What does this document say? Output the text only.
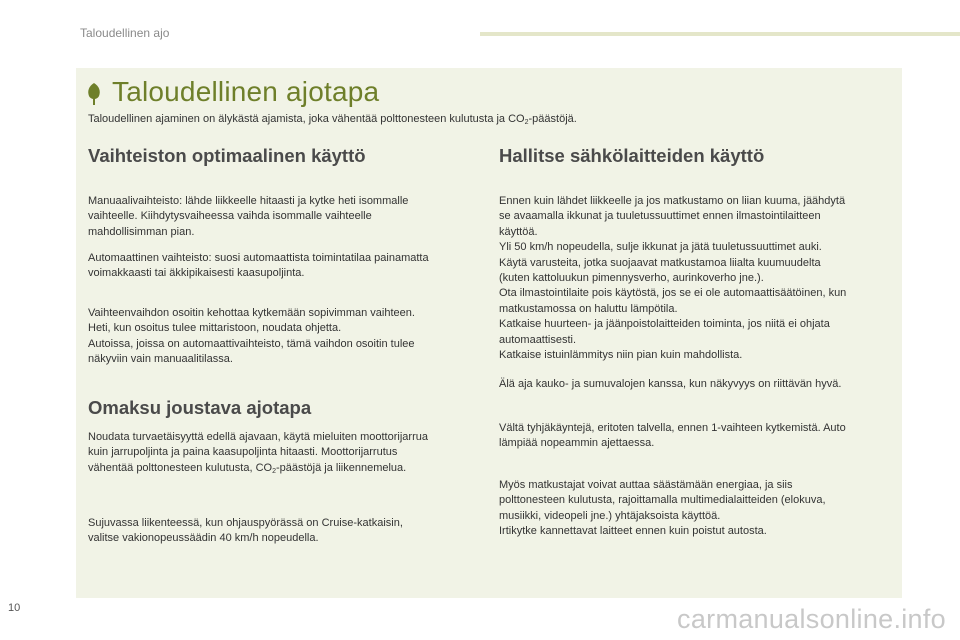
Taloudellinen ajo
Taloudellinen ajotapa
Taloudellinen ajaminen on älykästä ajamista, joka vähentää polttonesteen kulutusta ja $CO_2$-päästöjä.
Vaihteiston optimaalinen käyttö

Manuaalivaihteisto: lähde liikkeelle hitaasti ja kytke heti isommalle
vaihteelle. Kiihdytysvaiheessa vaihda isommalle vaihteelle
mahdollisimman pian.

Automaattinen vaihteisto: suosi automaattista toimintatilaa painamatta
voimakkaasti tai äkkipikaisesti kaasupoljinta.

Vaihteenvaihdon osoitin kehottaa kytkemään sopivimman vaihteen.
Heti, kun osoitus tulee mittaristoon, noudata ohjetta.
Autoissa, joissa on automaattivaihteisto, tämä vaihdon osoitin tulee
näkyviin vain manuaalitilassa.

Omaksu joustava ajotapa

Noudata turvaetäisyyttä edellä ajavaan, käytä mieluiten moottorijarrua
kuin jarrupoljinta ja paina kaasupoljinta hitaasti. Moottorijarrutus
vähentää polttonesteen kulutusta, $CO_2$-päästöjä ja liikennemelua.

Sujuvassa liikenteessä, kun ohjauspyörässä on Cruise-katkaisin,
valitse vakionopeussäädin 40 km/h nopeudella.

Hallitse sähkölaitteiden käyttö

Ennen kuin lähdet liikkeelle ja jos matkustamo on liian kuuma, jäähdytä
se avaamalla ikkunat ja tuuletussuuttimet ennen ilmastointilaitteen
käyttöä.
Yli 50 km/h nopeudella, sulje ikkunat ja jätä tuuletussuuttimet auki.
Käytä varusteita, jotka suojaavat matkustamoa liialta kuumuudelta
(kuten kattoluukun pimennysverho, aurinkoverho jne.).
Ota ilmastointilaite pois käytöstä, jos se ei ole automaattisäätöinen, kun
matkustamossa on haluttu lämpötila.
Katkaise huurteen- ja jäänpoistolaitteiden toiminta, jos niitä ei ohjata
automaattisesti.
Katkaise istuinlämmitys niin pian kuin mahdollista.

Älä aja kauko- ja sumuvalojen kanssa, kun näkyvyys on riittävän hyvä.

Vältä tyhjäkäyntejä, eritoten talvella, ennen 1-vaihteen kytkemistä. Auto
lämpiää nopeammin ajettaessa.

Myös matkustajat voivat auttaa säästämään energiaa, ja siis
polttonesteen kulutusta, rajoittamalla multimedialaitteiden (elokuva,
musiikki, videopeli jne.) yhtäjaksoista käyttöä.
Irtikytke kannettavat laitteet ennen kuin poistut autosta.

10	carmanualsonline.info
